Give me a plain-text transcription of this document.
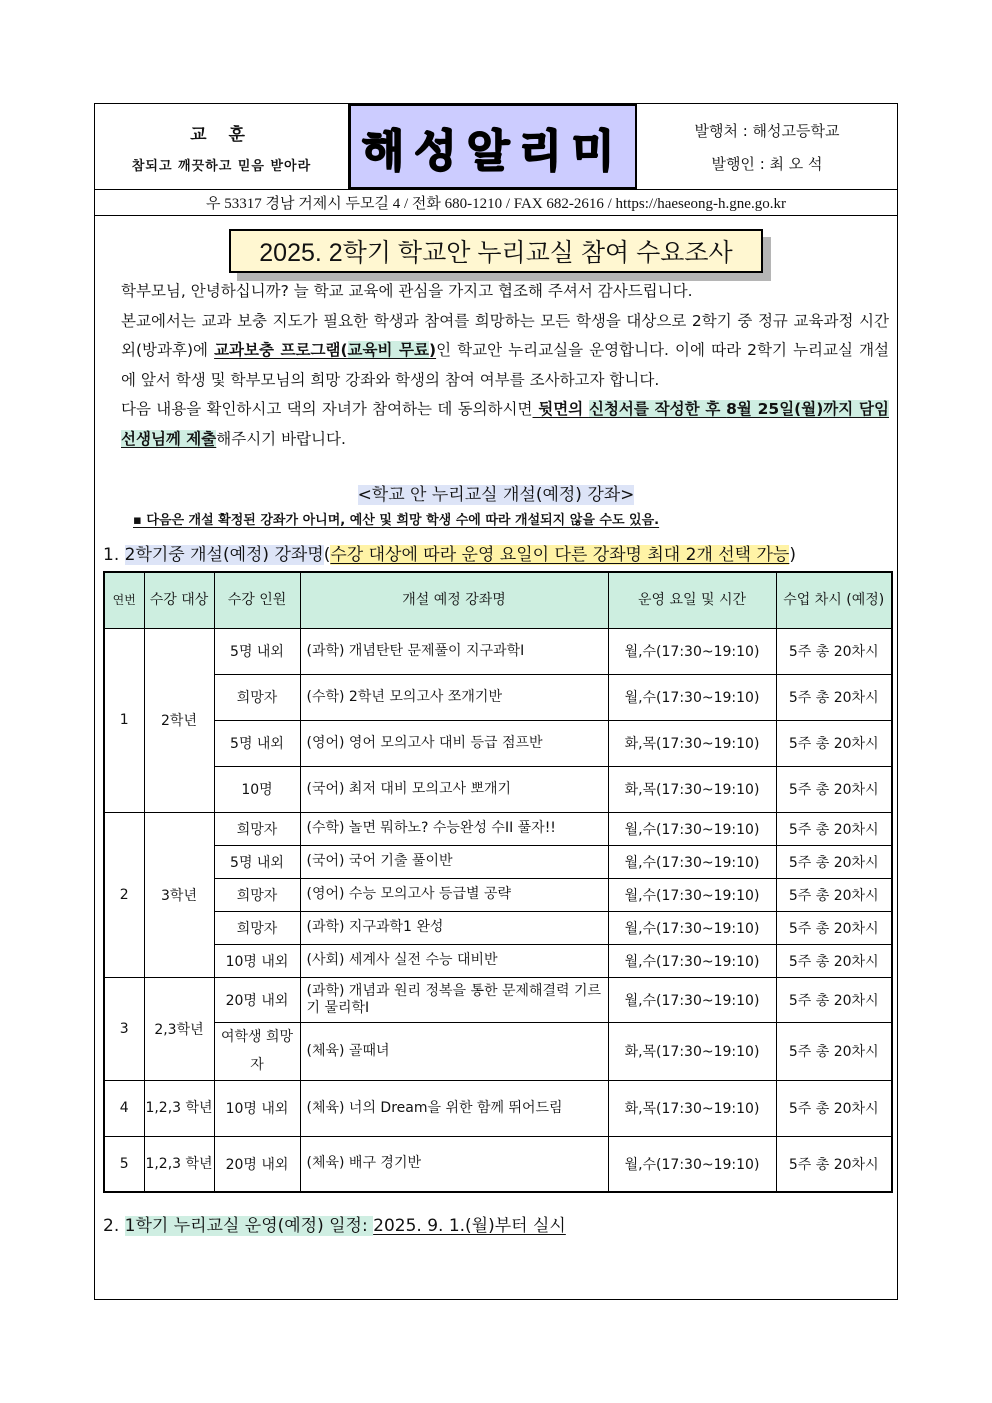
교 훈
참되고 깨끗하고 믿음 받아라 해성알리미	발행처 : 해성고등학교
발행인 : 최 오 석
우 53317 경남 거제시 두모길 4 / 전화 680-1210 / FAX 682-2616 / https://haeseong-h.gne.go.kr
2025. 2학기 학교안 누리교실 참여 수요조사
학부모님, 안녕하십니까? 늘 학교 교육에 관심을 가지고 협조해 주셔서 감사드립니다.
본교에서는 교과 보충 지도가 필요한 학생과 참여를 희망하는 모든 학생을 대상으로 2학기 중 정규 교육과정 시간 외(방과후)에 교과보충 프로그램(교육비 무료)인 학교안 누리교실을 운영합니다. 이에 따라 2학기 누리교실 개설에 앞서 학생 및 학부모님의 희망 강좌와 학생의 참여 여부를 조사하고자 합니다.
다음 내용을 확인하시고 댁의 자녀가 참여하는 데 동의하시면 뒷면의 신청서를 작성한 후 8월 25일(월)까지 담임선생님께 제출해주시기 바랍니다.
<학교 안 누리교실 개설(예정) 강좌>
▪ 다음은 개설 확정된 강좌가 아니며, 예산 및 희망 학생 수에 따라 개설되지 않을 수도 있음.
1. 2학기중 개설(예정) 강좌명(수강 대상에 따라 운영 요일이 다른 강좌명 최대 2개 선택 가능)
연번	수강 대상	수강 인원	개설 예정 강좌명	운영 요일 및 시간	수업 차시 (예정)
1	2학년	5명 내외	(과학) 개념탄탄 문제풀이 지구과학I	월,수(17:30~19:10)	5주 총 20차시
		희망자	(수학) 2학년 모의고사 쪼개기반	월,수(17:30~19:10)	5주 총 20차시
		5명 내외	(영어) 영어 모의고사 대비 등급 점프반	화,목(17:30~19:10)	5주 총 20차시
		10명	(국어) 최저 대비 모의고사 뽀개기	화,목(17:30~19:10)	5주 총 20차시
2	3학년	희망자	(수학) 놀면 뭐하노? 수능완성 수II 풀자!!	월,수(17:30~19:10)	5주 총 20차시
		5명 내외	(국어) 국어 기출 풀이반	월,수(17:30~19:10)	5주 총 20차시
		희망자	(영어) 수능 모의고사 등급별 공략	월,수(17:30~19:10)	5주 총 20차시
		희망자	(과학) 지구과학1 완성	월,수(17:30~19:10)	5주 총 20차시
		10명 내외	(사회) 세계사 실전 수능 대비반	월,수(17:30~19:10)	5주 총 20차시
3	2,3학년	20명 내외	(과학) 개념과 원리 정복을 통한 문제해결력 기르기 물리학I	월,수(17:30~19:10)	5주 총 20차시
		여학생 희망자	(체육) 골때녀	화,목(17:30~19:10)	5주 총 20차시
4	1,2,3 학년	10명 내외	(체육) 너의 Dream을 위한 함께 뛰어드림	화,목(17:30~19:10)	5주 총 20차시
5	1,2,3 학년	20명 내외	(체육) 배구 경기반	월,수(17:30~19:10)	5주 총 20차시
2. 1학기 누리교실 운영(예정) 일정: 2025. 9. 1.(월)부터 실시
